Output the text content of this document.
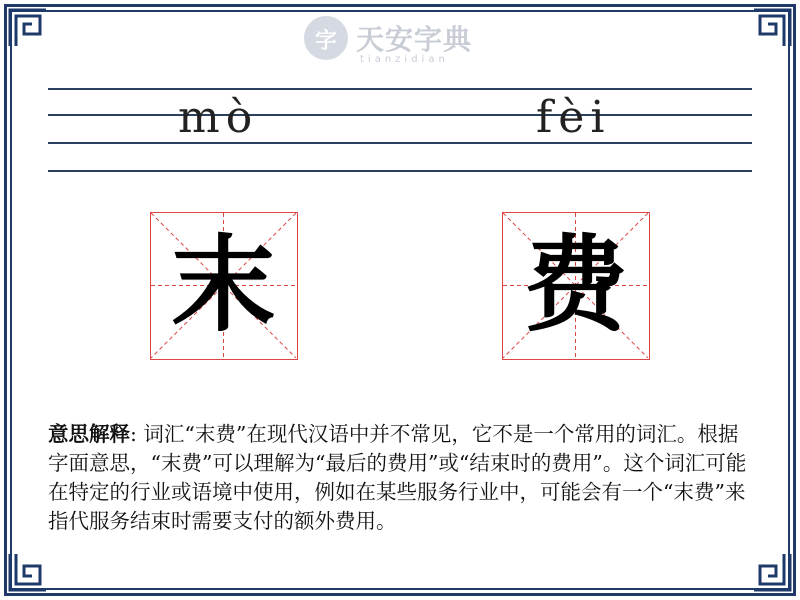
字 天安字典
tianzidian
mò	fèi
末 费
意思解释: 词汇“末费”在现代汉语中并不常见，它不是一个常用的词汇。根据字面意思，“末费”可以理解为“最后的费用”或“结束时的费用”。这个词汇可能在特定的行业或语境中使用，例如在某些服务行业中，可能会有一个“末费”来指代服务结束时需要支付的额外费用。
